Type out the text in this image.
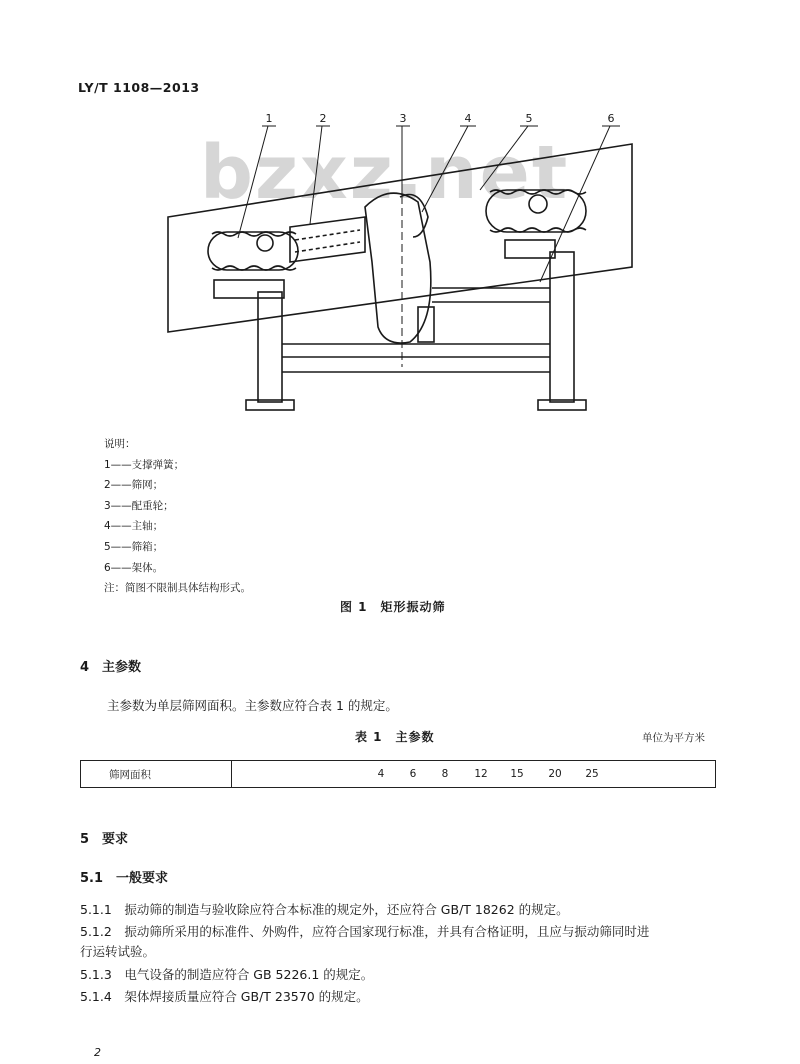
LY/T 1108—2013
bzxz.net
1	2	3	4	5	6
说明：
1——支撑弹簧；
2——筛网；
3——配重轮；
4——主轴；
5——筛箱；
6——架体。
注：简图不限制具体结构形式。
图 1　矩形振动筛
4　主参数
主参数为单层筛网面积。主参数应符合表 1 的规定。
表 1　主参数	单位为平方米
筛网面积	4 6 8 12 15 20 25
5　要求
5.1　一般要求
5.1.1　 振动筛的制造与验收除应符合本标准的规定外，还应符合 GB/T 18262 的规定。
5.1.2　 振动筛所采用的标准件、外购件，应符合国家现行标准，并具有合格证明，且应与振动筛同时进
行运转试验。
5.1.3　 电气设备的制造应符合 GB 5226.1 的规定。
5.1.4　 架体焊接质量应符合 GB/T 23570 的规定。
2
